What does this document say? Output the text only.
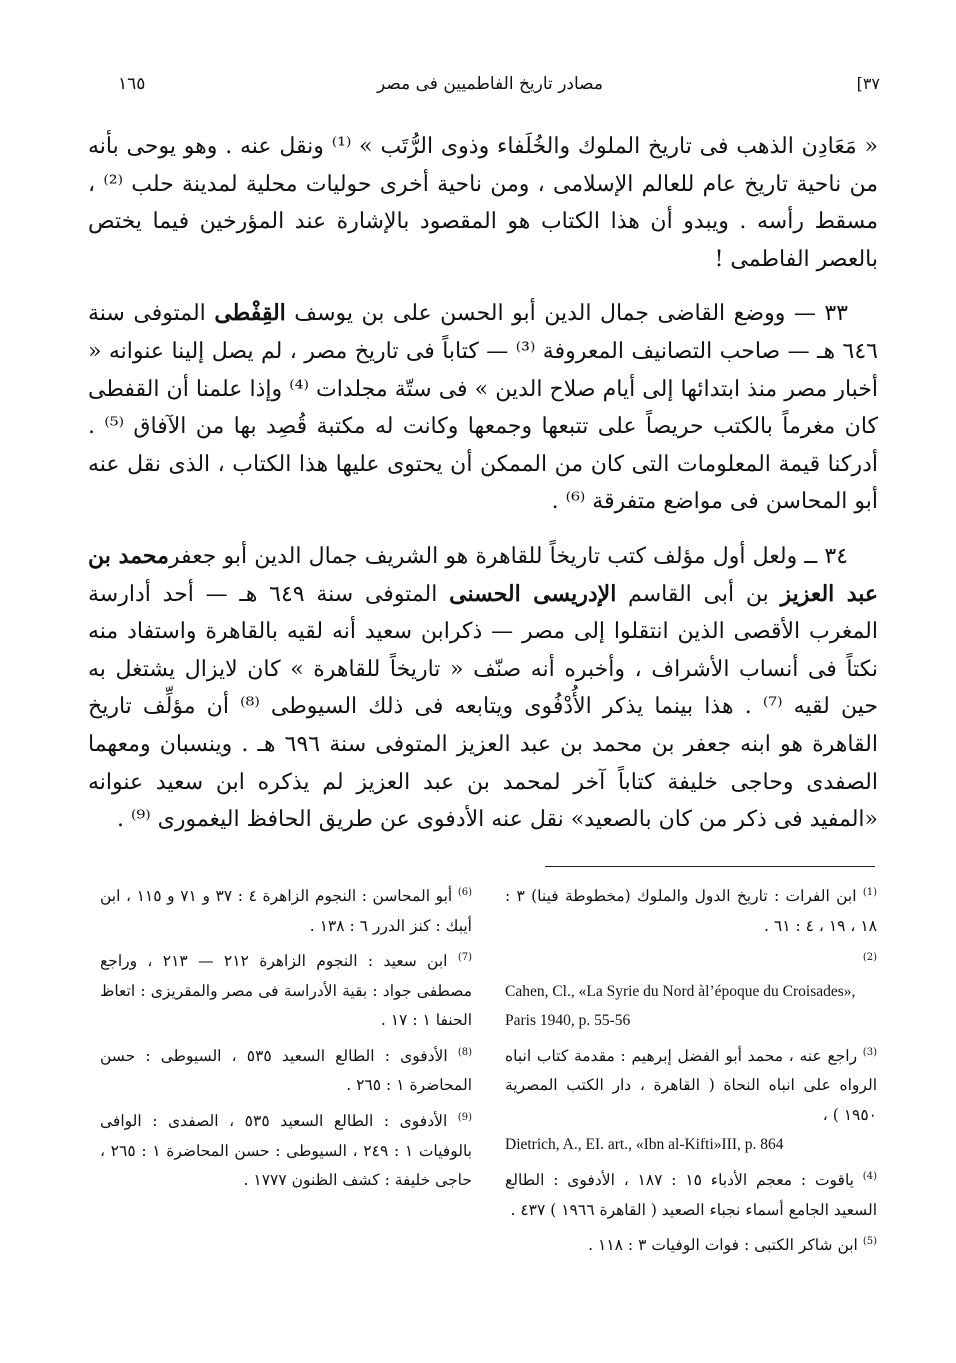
١٦٥	مصادر تاريخ الفاطميين فى مصر	[٣٧

« مَعَادِن الذهب فى تاريخ الملوك والخُلَفاء وذوى الرُّتَب » ⁽¹⁾ ونقل عنه . وهو يوحى بأنه من ناحية تاريخ عام للعالم الإسلامى ، ومن ناحية أخرى حوليات محلية لمدينة حلب ⁽²⁾ ، مسقط رأسه . ويبدو أن هذا الكتاب هو المقصود بالإشارة عند المؤرخين فيما يختص بالعصر الفاطمى !

٣٣ — ووضع القاضى جمال الدين أبو الحسن على بن يوسف القِفْطى المتوفى سنة ٦٤٦ هـ — صاحب التصانيف المعروفة ⁽³⁾ — كتاباً فى تاريخ مصر ، لم يصل إلينا عنوانه « أخبار مصر منذ ابتدائها إلى أيام صلاح الدين » فى ستّة مجلدات ⁽⁴⁾ وإذا علمنا أن القفطى كان مغرماً بالكتب حريصاً على تتبعها وجمعها وكانت له مكتبة قُصِد بها من الآفاق ⁽⁵⁾ . أدركنا قيمة المعلومات التى كان من الممكن أن يحتوى عليها هذا الكتاب ، الذى نقل عنه أبو المحاسن فى مواضع متفرقة ⁽⁶⁾ .

٣٤ ــ ولعل أول مؤلف كتب تاريخاً للقاهرة هو الشريف جمال الدين أبو جعفرمحمد بن عبد العزيز بن أبى القاسم الإدريسى الحسنى المتوفى سنة ٦٤٩ هـ — أحد أدارسة المغرب الأقصى الذين انتقلوا إلى مصر — ذكرابن سعيد أنه لقيه بالقاهرة واستفاد منه نكتاً فى أنساب الأشراف ، وأخبره أنه صنّف « تاريخاً للقاهرة » كان لايزال يشتغل به حين لقيه ⁽⁷⁾ . هذا بينما يذكر الأُدْفُوى ويتابعه فى ذلك السيوطى ⁽⁸⁾ أن مؤلِّف تاريخ القاهرة هو ابنه جعفر بن محمد بن عبد العزيز المتوفى سنة ٦٩٦ هـ . وينسبان ومعهما الصفدى وحاجى خليفة كتاباً آخر لمحمد بن عبد العزيز لم يذكره ابن سعيد عنوانه «المفيد فى ذكر من كان بالصعيد» نقل عنه الأدفوى عن طريق الحافظ اليغمورى ⁽⁹⁾ .

$^{(1)}$ ابن الفرات : تاريخ الدول والملوك (مخطوطة فينا) ٣ : ١٨ ، ١٩ ، ٤ : ٦١ .

$^{(2)}$
Cahen, Cl., «La Syrie du Nord àl’époque du Croisades», Paris 1940, p. 55-56

$^{(3)}$ راجع عنه ، محمد أبو الفضل إبرهيم : مقدمة كتاب انباه الرواه على انباه النحاة ( القاهرة ، دار الكتب المصرية ١٩٥٠ ) ،
Dietrich, A., EI. art., «Ibn al-Kifti»III, p. 864

$^{(4)}$ ياقوت : معجم الأدباء ١٥ : ١٨٧ ، الأدفوى : الطالع السعيد الجامع أسماء نجباء الصعيد ( القاهرة ١٩٦٦ ) ٤٣٧ .

$^{(5)}$ ابن شاكر الكتبى : فوات الوفيات ٣ : ١١٨ .

$^{(6)}$ أبو المحاسن : النجوم الزاهرة ٤ : ٣٧ و ٧١ و ١١٥ ، ابن أيبك : كنز الدرر ٦ : ١٣٨ .

$^{(7)}$ ابن سعيد : النجوم الزاهرة ٢١٢ — ٢١٣ ، وراجع مصطفى جواد : بقية الأدراسة فى مصر والمقريزى : اتعاظ الحنفا ١ : ١٧ .

$^{(8)}$ الأدفوى : الطالع السعيد ٥٣٥ ، السيوطى : حسن المحاضرة ١ : ٢٦٥ .

$^{(9)}$ الأدفوى : الطالع السعيد ٥٣٥ ، الصفدى : الوافى بالوفيات ١ : ٢٤٩ ، السيوطى : حسن المحاضرة ١ : ٢٦٥ ، حاجى خليفة : كشف الظنون ١٧٧٧ .
